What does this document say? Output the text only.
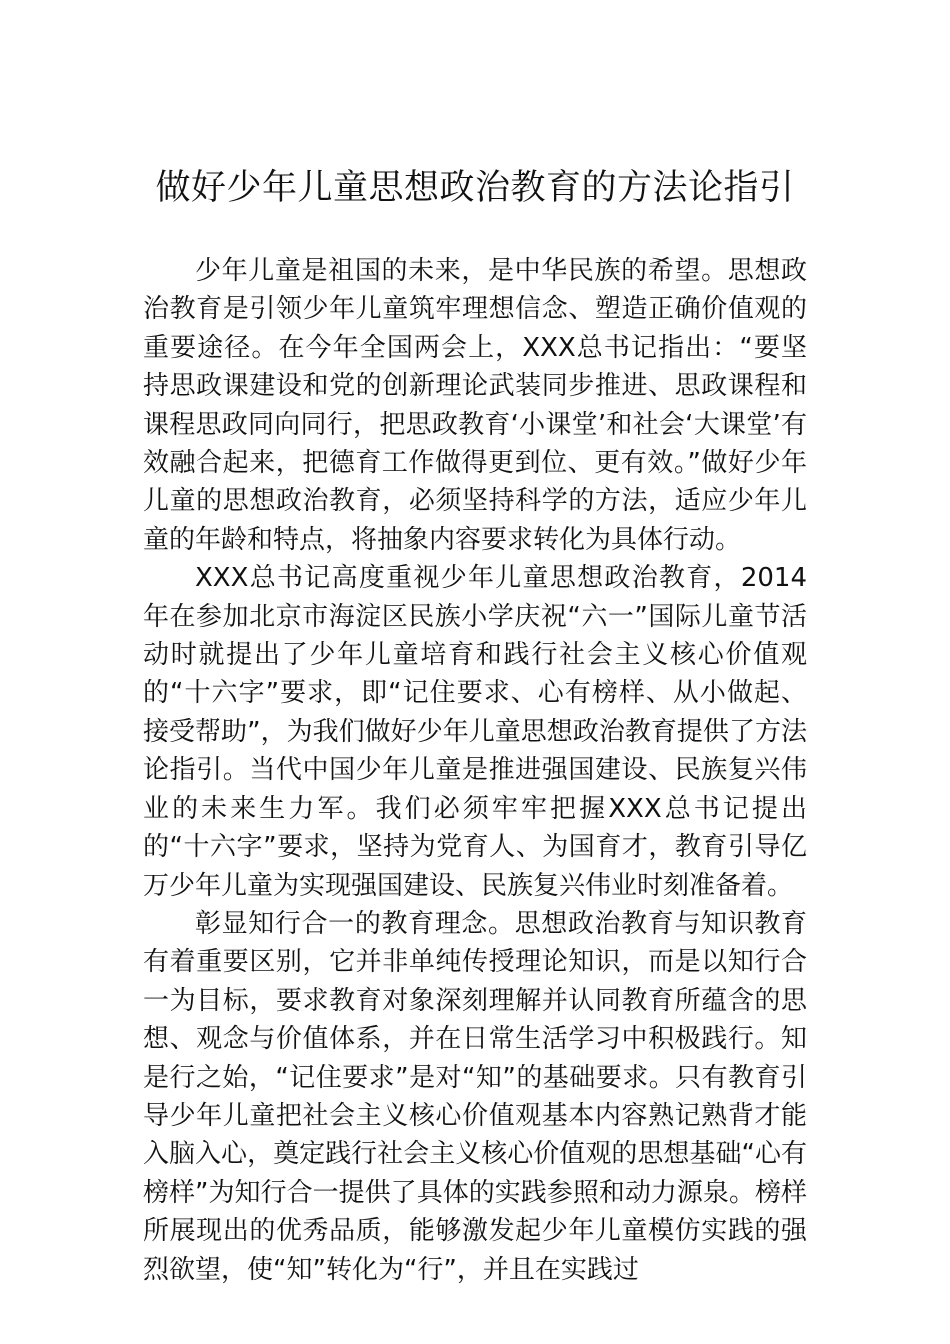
做好少年儿童思想政治教育的方法论指引

少年儿童是祖国的未来，是中华民族的希望。思想政治教育是引领少年儿童筑牢理想信念、塑造正确价值观的重要途径。在今年全国两会上，XXX总书记指出：“要坚持思政课建设和党的创新理论武装同步推进、思政课程和课程思政同向同行，把思政教育‘小课堂’和社会‘大课堂’有效融合起来，把德育工作做得更到位、更有效。”做好少年儿童的思想政治教育，必须坚持科学的方法，适应少年儿童的年龄和特点，将抽象内容要求转化为具体行动。

XXX总书记高度重视少年儿童思想政治教育，2014年在参加北京市海淀区民族小学庆祝“六一”国际儿童节活动时就提出了少年儿童培育和践行社会主义核心价值观的“十六字”要求，即“记住要求、心有榜样、从小做起、接受帮助”，为我们做好少年儿童思想政治教育提供了方法论指引。当代中国少年儿童是推进强国建设、民族复兴伟业的未来生力军。我们必须牢牢把握XXX总书记提出的“十六字”要求，坚持为党育人、为国育才，教育引导亿万少年儿童为实现强国建设、民族复兴伟业时刻准备着。

彰显知行合一的教育理念。思想政治教育与知识教育有着重要区别，它并非单纯传授理论知识，而是以知行合一为目标，要求教育对象深刻理解并认同教育所蕴含的思想、观念与价值体系，并在日常生活学习中积极践行。知是行之始，“记住要求”是对“知”的基础要求。只有教育引导少年儿童把社会主义核心价值观基本内容熟记熟背才能入脑入心，奠定践行社会主义核心价值观的思想基础“心有榜样”为知行合一提供了具体的实践参照和动力源泉。榜样所展现出的优秀品质，能够激发起少年儿童模仿实践的强烈欲望，使“知”转化为“行”，并且在实践过
